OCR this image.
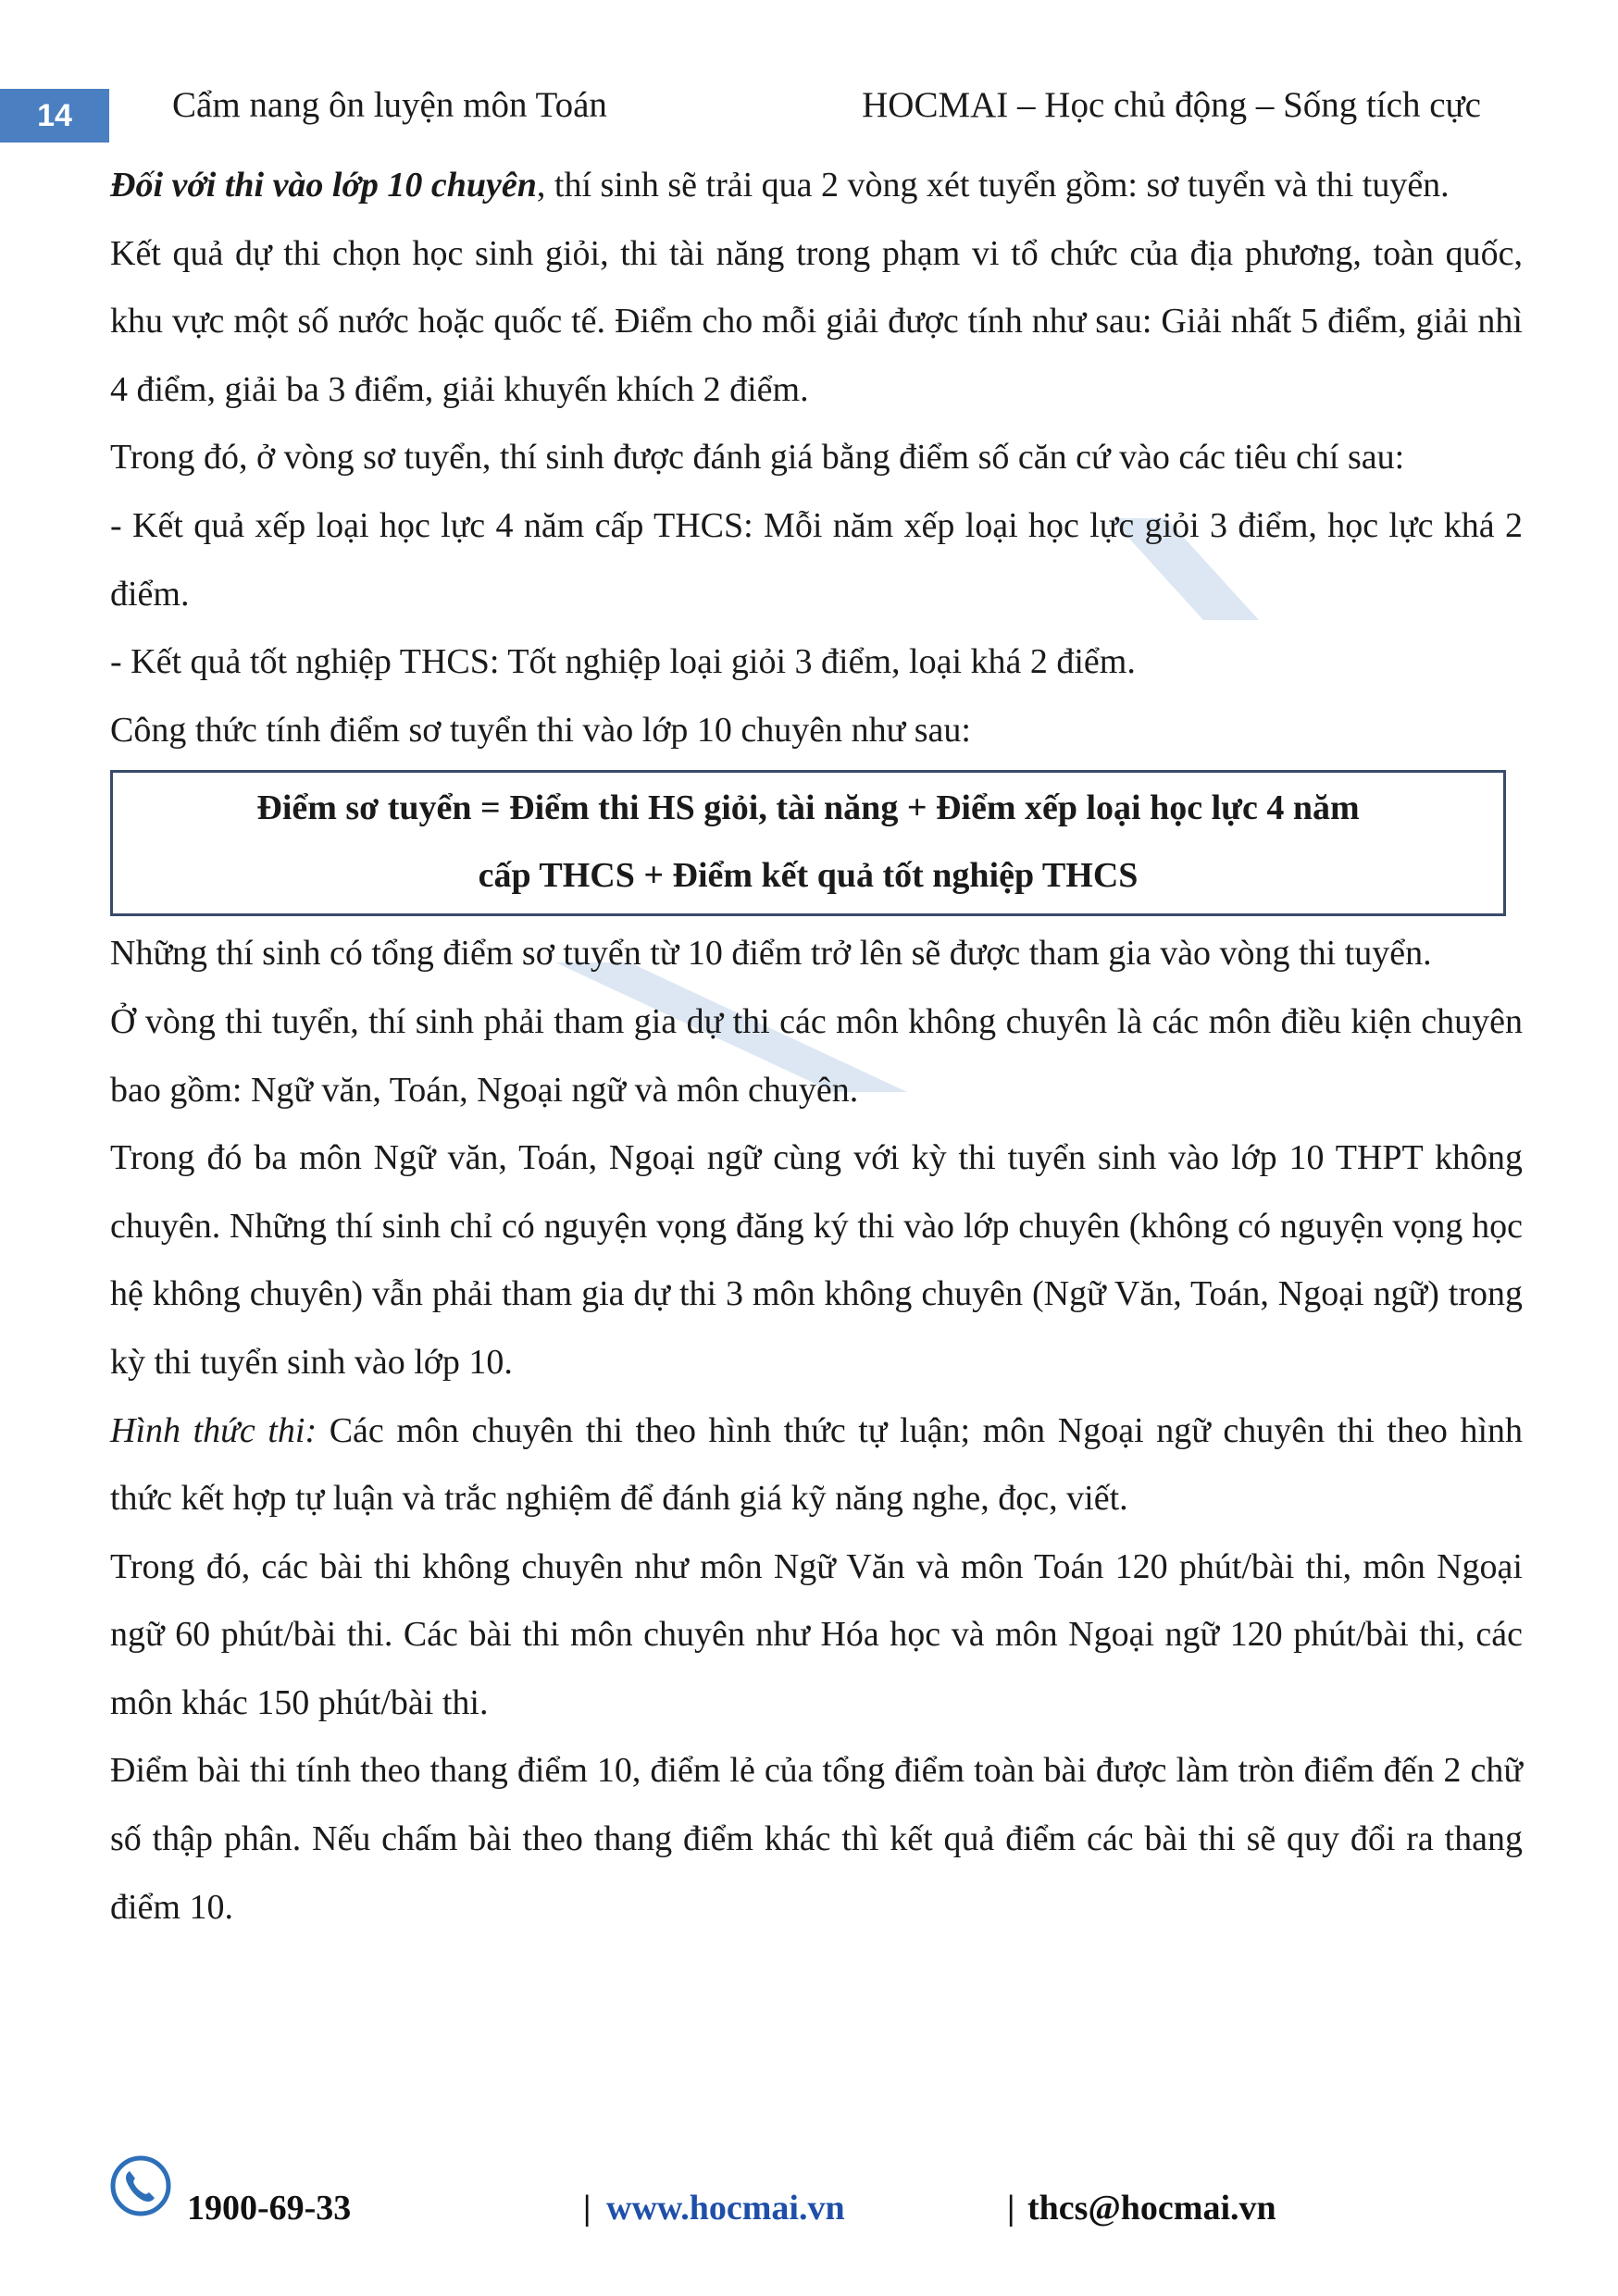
14	Cẩm nang ôn luyện môn Toán	HOCMAI – Học chủ động – Sống tích cực

Đối với thi vào lớp 10 chuyên, thí sinh sẽ trải qua 2 vòng xét tuyển gồm: sơ tuyển và thi tuyển.

Kết quả dự thi chọn học sinh giỏi, thi tài năng trong phạm vi tổ chức của địa phương, toàn quốc, khu vực một số nước hoặc quốc tế. Điểm cho mỗi giải được tính như sau: Giải nhất 5 điểm, giải nhì 4 điểm, giải ba 3 điểm, giải khuyến khích 2 điểm.

Trong đó, ở vòng sơ tuyển, thí sinh được đánh giá bằng điểm số căn cứ vào các tiêu chí sau:

- Kết quả xếp loại học lực 4 năm cấp THCS: Mỗi năm xếp loại học lực giỏi 3 điểm, học lực khá 2 điểm.

- Kết quả tốt nghiệp THCS: Tốt nghiệp loại giỏi 3 điểm, loại khá 2 điểm.

Công thức tính điểm sơ tuyển thi vào lớp 10 chuyên như sau:

Điểm sơ tuyển = Điểm thi HS giỏi, tài năng + Điểm xếp loại học lực 4 năm
cấp THCS + Điểm kết quả tốt nghiệp THCS

Những thí sinh có tổng điểm sơ tuyển từ 10 điểm trở lên sẽ được tham gia vào vòng thi tuyển.

Ở vòng thi tuyển, thí sinh phải tham gia dự thi các môn không chuyên là các môn điều kiện chuyên bao gồm: Ngữ văn, Toán, Ngoại ngữ và môn chuyên.

Trong đó ba môn Ngữ văn, Toán, Ngoại ngữ cùng với kỳ thi tuyển sinh vào lớp 10 THPT không chuyên. Những thí sinh chỉ có nguyện vọng đăng ký thi vào lớp chuyên (không có nguyện vọng học hệ không chuyên) vẫn phải tham gia dự thi 3 môn không chuyên (Ngữ Văn, Toán, Ngoại ngữ) trong kỳ thi tuyển sinh vào lớp 10.

Hình thức thi: Các môn chuyên thi theo hình thức tự luận; môn Ngoại ngữ chuyên thi theo hình thức kết hợp tự luận và trắc nghiệm để đánh giá kỹ năng nghe, đọc, viết.

Trong đó, các bài thi không chuyên như môn Ngữ Văn và môn Toán 120 phút/bài thi, môn Ngoại ngữ 60 phút/bài thi. Các bài thi môn chuyên như Hóa học và môn Ngoại ngữ 120 phút/bài thi, các môn khác 150 phút/bài thi.

Điểm bài thi tính theo thang điểm 10, điểm lẻ của tổng điểm toàn bài được làm tròn điểm đến 2 chữ số thập phân. Nếu chấm bài theo thang điểm khác thì kết quả điểm các bài thi sẽ quy đổi ra thang điểm 10.

1900-69-33	| www.hocmai.vn	| thcs@hocmai.vn
